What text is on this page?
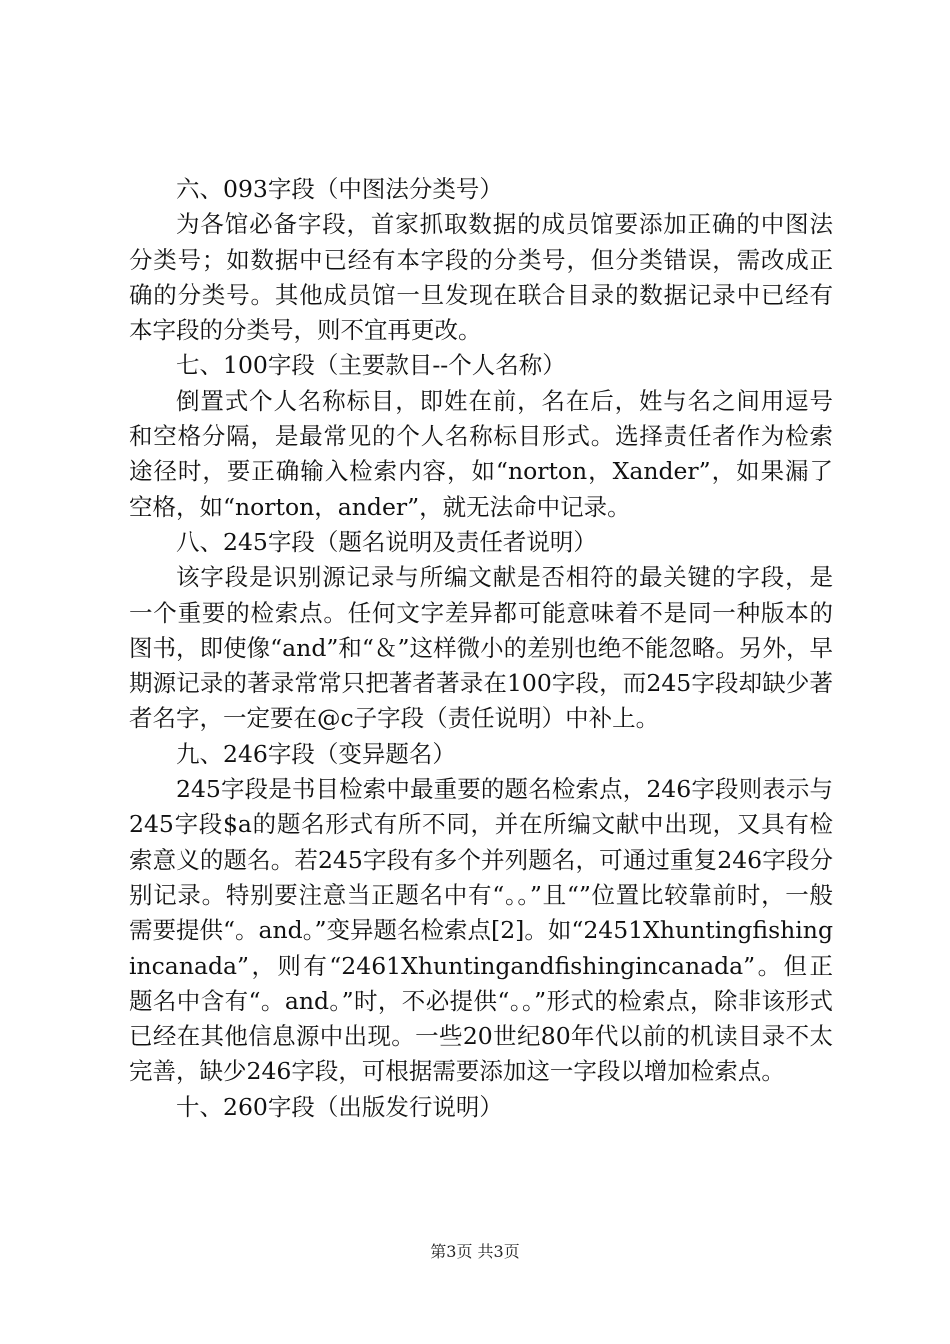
六、093字段（中图法分类号）

为各馆必备字段，首家抓取数据的成员馆要添加正确的中图法分类号；如数据中已经有本字段的分类号，但分类错误，需改成正确的分类号。其他成员馆一旦发现在联合目录的数据记录中已经有本字段的分类号，则不宜再更改。

七、100字段（主要款目--个人名称）

倒置式个人名称标目，即姓在前，名在后，姓与名之间用逗号和空格分隔，是最常见的个人名称标目形式。选择责任者作为检索途径时，要正确输入检索内容，如“norton，Xander”，如果漏了空格，如“norton，ander”，就无法命中记录。

八、245字段（题名说明及责任者说明）

该字段是识别源记录与所编文献是否相符的最关键的字段，是一个重要的检索点。任何文字差异都可能意味着不是同一种版本的图书，即使像“and”和“＆”这样微小的差别也绝不能忽略。另外，早期源记录的著录常常只把著者著录在100字段，而245字段却缺少著者名字，一定要在@c子字段（责任说明）中补上。

九、246字段（变异题名）

245字段是书目检索中最重要的题名检索点，246字段则表示与245字段$a的题名形式有所不同，并在所编文献中出现，又具有检索意义的题名。若245字段有多个并列题名，可通过重复246字段分别记录。特别要注意当正题名中有“。。”且“”位置比较靠前时，一般需要提供“。and。”变异题名检索点[2]。如“2451Xhuntingfishingincanada”，则有“2461Xhuntingandfishingincanada”。但正题名中含有“。and。”时，不必提供“。。”形式的检索点，除非该形式已经在其他信息源中出现。一些20世纪80年代以前的机读目录不太完善，缺少246字段，可根据需要添加这一字段以增加检索点。

十、260字段（出版发行说明）

第3页 共3页
